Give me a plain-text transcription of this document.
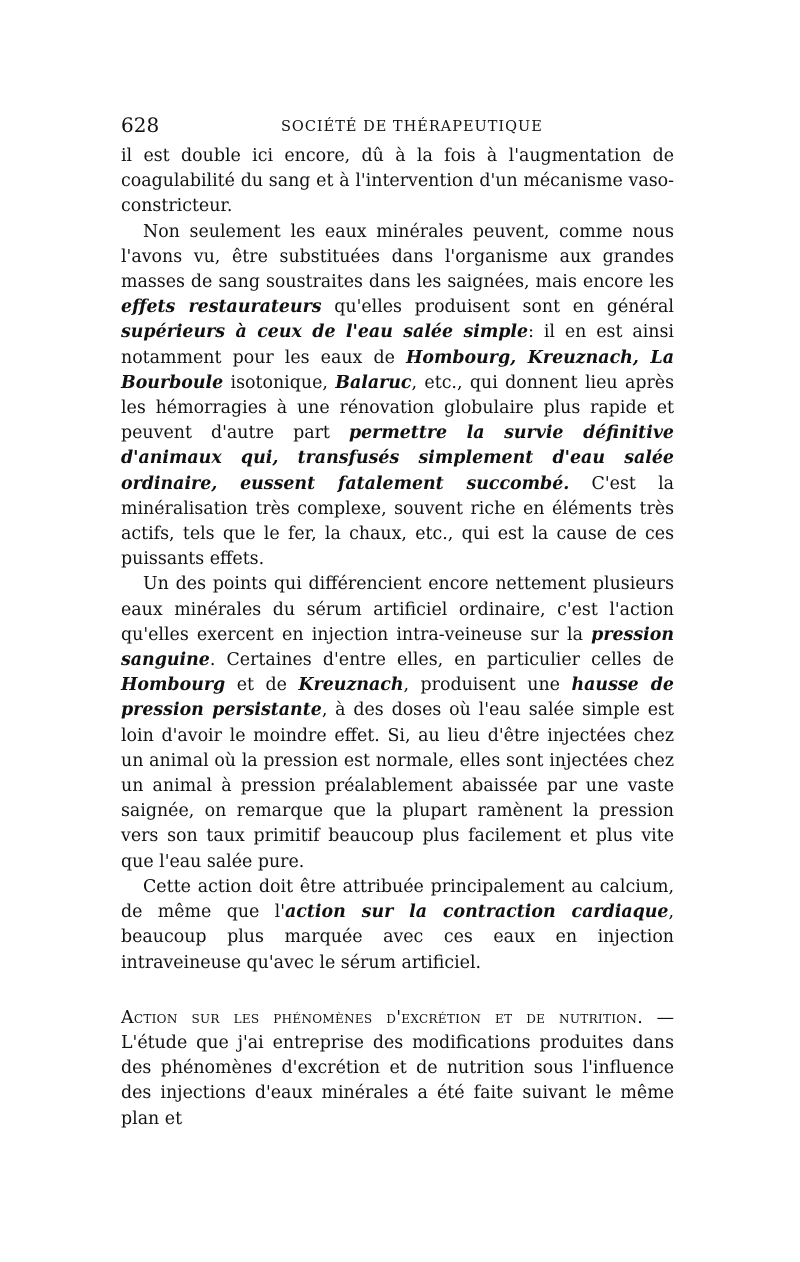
628	SOCIÉTÉ DE THÉRAPEUTIQUE

il est double ici encore, dû à la fois à l'augmentation de coagulabilité du sang et à l'intervention d'un mécanisme vaso-constricteur.

Non seulement les eaux minérales peuvent, comme nous l'avons vu, être substituées dans l'organisme aux grandes masses de sang soustraites dans les saignées, mais encore les effets restaurateurs qu'elles produisent sont en général supérieurs à ceux de l'eau salée simple: il en est ainsi notamment pour les eaux de Hombourg, Kreuznach, La Bourboule isotonique, Balaruc, etc., qui donnent lieu après les hémorragies à une rénovation globulaire plus rapide et peuvent d'autre part permettre la survie définitive d'animaux qui, transfusés simplement d'eau salée ordinaire, eussent fatalement succombé. C'est la minéralisation très complexe, souvent riche en éléments très actifs, tels que le fer, la chaux, etc., qui est la cause de ces puissants effets.

Un des points qui différencient encore nettement plusieurs eaux minérales du sérum artificiel ordinaire, c'est l'action qu'elles exercent en injection intra-veineuse sur la pression sanguine. Certaines d'entre elles, en particulier celles de Hombourg et de Kreuznach, produisent une hausse de pression persistante, à des doses où l'eau salée simple est loin d'avoir le moindre effet. Si, au lieu d'être injectées chez un animal où la pression est normale, elles sont injectées chez un animal à pression préalablement abaissée par une vaste saignée, on remarque que la plupart ramènent la pression vers son taux primitif beaucoup plus facilement et plus vite que l'eau salée pure.

Cette action doit être attribuée principalement au calcium, de même que l'action sur la contraction cardiaque, beaucoup plus marquée avec ces eaux en injection intraveineuse qu'avec le sérum artificiel.

Action sur les phénomènes d'excrétion et de nutrition. — L'étude que j'ai entreprise des modifications produites dans des phénomènes d'excrétion et de nutrition sous l'influence des injections d'eaux minérales a été faite suivant le même plan et
